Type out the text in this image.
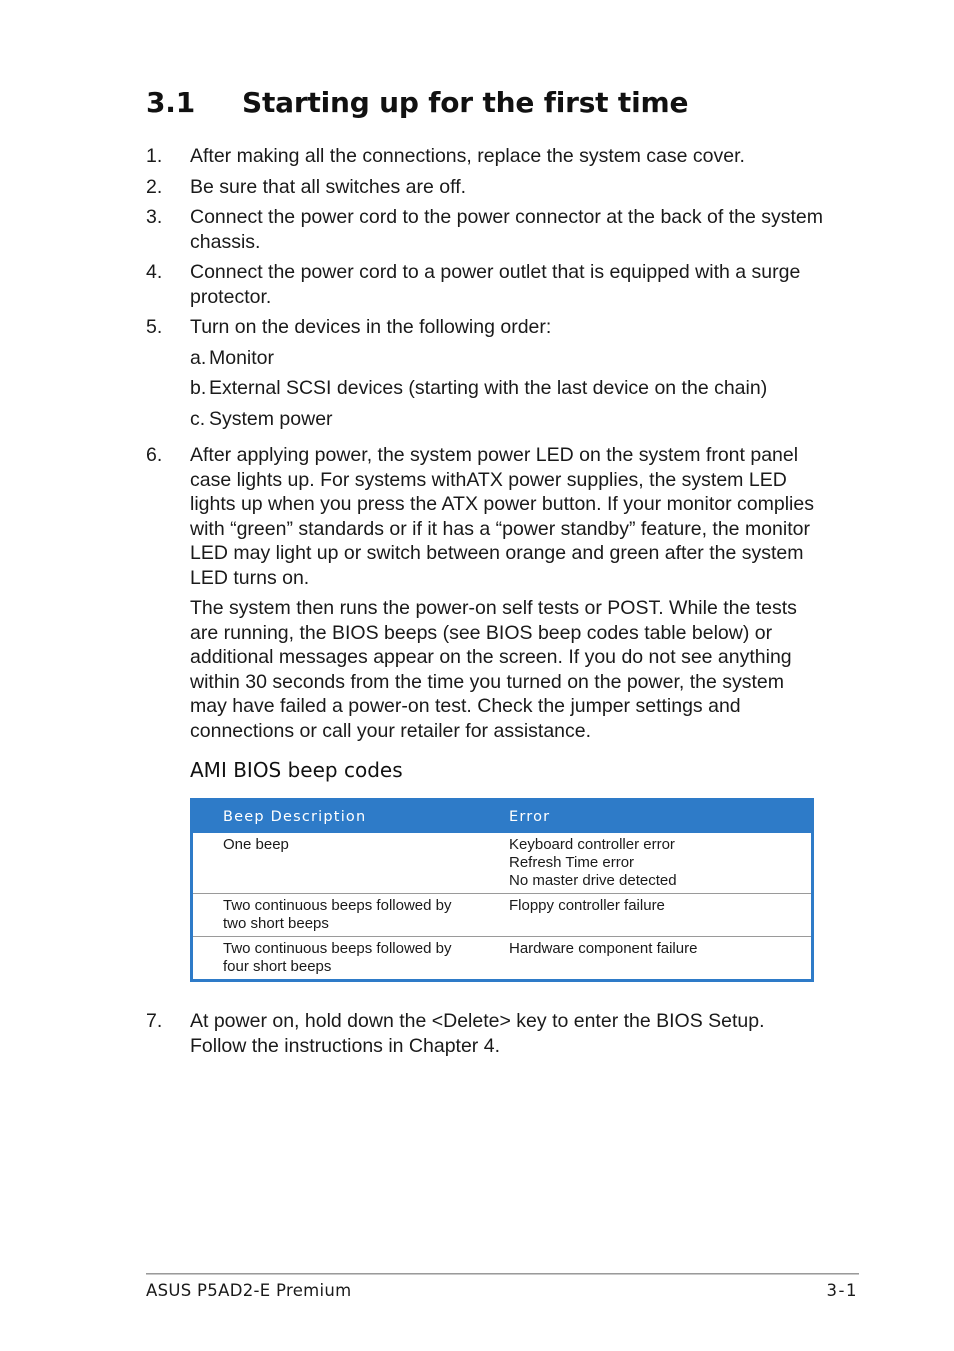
3.1 Starting up for the first time
1.	After making all the connections, replace the system case cover.
2.	Be sure that all switches are off.
3.	Connect the power cord to the power connector at the back of the system chassis.
4.	Connect the power cord to a power outlet that is equipped with a surge protector.
5.	Turn on the devices in the following order:
a. Monitor
b. External SCSI devices (starting with the last device on the chain)
c. System power
6.	After applying power, the system power LED on the system front panel case lights up. For systems withATX power supplies, the system LED lights up when you press the ATX power button. If your monitor complies with “green” standards or if it has a “power standby” feature, the monitor LED may light up or switch between orange and green after the system LED turns on.
The system then runs the power-on self tests or POST. While the tests are running, the BIOS beeps (see BIOS beep codes table below) or additional messages appear on the screen. If you do not see anything within 30 seconds from the time you turned on the power, the system may have failed a power-on test. Check the jumper settings and connections or call your retailer for assistance.
AMI BIOS beep codes
Beep Description	Error

One beep	Keyboard controller error
Refresh Time error
No master drive detected

Two continuous beeps followed by
two short beeps	Floppy controller failure

Two continuous beeps followed by
four short beeps	Hardware component failure
7.	At power on, hold down the <Delete> key to enter the BIOS Setup. Follow the instructions in Chapter 4.
ASUS P5AD2-E Premium	3-1
